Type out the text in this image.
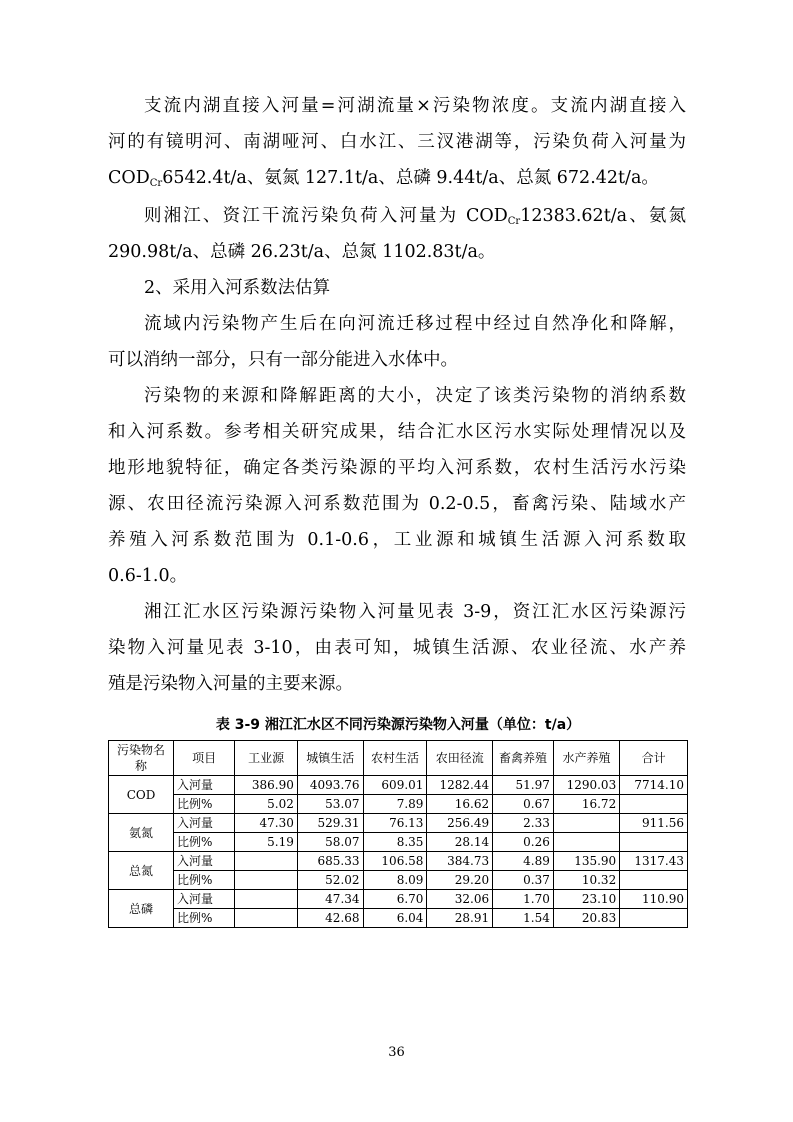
支流内湖直接入河量=河湖流量×污染物浓度。支流内湖直接入
河的有镜明河、南湖哑河、白水江、三汊港湖等，污染负荷入河量为
$COD_{Cr}6542.4t/a$、氨氮 127.1t/a、总磷 9.44t/a、总氮 672.42t/a。
则湘江、资江干流污染负荷入河量为 $COD_{Cr}12383.62t/a$、氨氮
290.98t/a、总磷 26.23t/a、总氮 1102.83t/a。
2、采用入河系数法估算
流域内污染物产生后在向河流迁移过程中经过自然净化和降解，
可以消纳一部分，只有一部分能进入水体中。
污染物的来源和降解距离的大小，决定了该类污染物的消纳系数
和入河系数。参考相关研究成果，结合汇水区污水实际处理情况以及
地形地貌特征，确定各类污染源的平均入河系数，农村生活污水污染
源、农田径流污染源入河系数范围为 0.2-0.5，畜禽污染、陆域水产
养殖入河系数范围为 0.1-0.6，工业源和城镇生活源入河系数取
0.6-1.0。
湘江汇水区污染源污染物入河量见表 3-9，资江汇水区污染源污
染物入河量见表 3-10，由表可知，城镇生活源、农业径流、水产养
殖是污染物入河量的主要来源。
表 3-9 湘江汇水区不同污染源污染物入河量（单位：t/a）
污染物名称	项目	工业源	城镇生活	农村生活	农田径流	畜禽养殖	水产养殖	合计
COD	入河量	386.90	4093.76	609.01	1282.44	51.97	1290.03	7714.10
	比例%	5.02	53.07	7.89	16.62	0.67	16.72	
氨氮	入河量	47.30	529.31	76.13	256.49	2.33		911.56
	比例%	5.19	58.07	8.35	28.14	0.26		
总氮	入河量		685.33	106.58	384.73	4.89	135.90	1317.43
	比例%		52.02	8.09	29.20	0.37	10.32	
总磷	入河量		47.34	6.70	32.06	1.70	23.10	110.90
	比例%		42.68	6.04	28.91	1.54	20.83	
36
